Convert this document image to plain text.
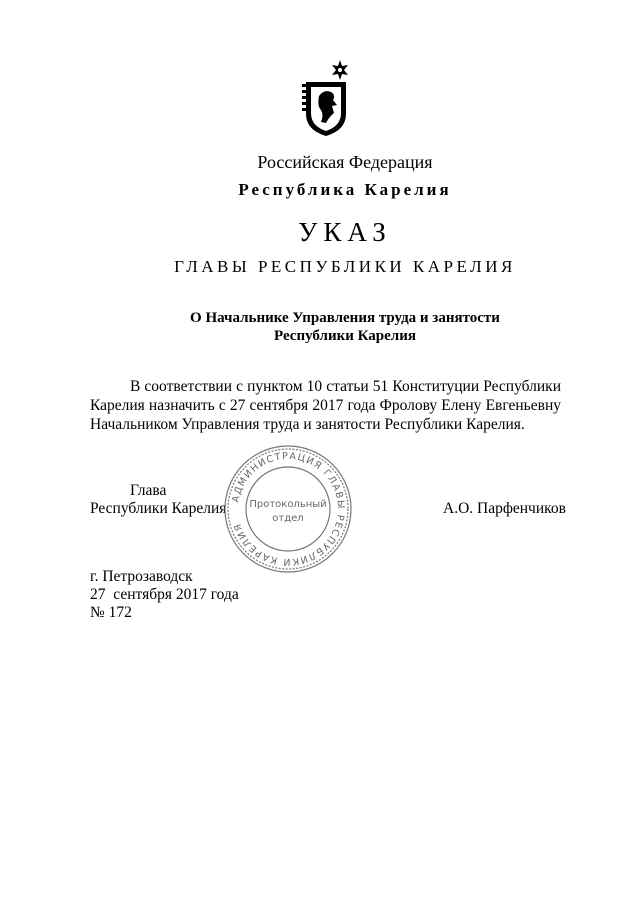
Российская Федерация
Республика Карелия
УКАЗ
ГЛАВЫ РЕСПУБЛИКИ КАРЕЛИЯ
О Начальнике Управления труда и занятости
Республики Карелия
В соответствии с пунктом 10 статьи 51 Конституции Республики Карелия назначить с 27 сентября 2017 года Фролову Елену Евгеньевну Начальником Управления труда и занятости Республики Карелия.
Глава
Республики Карелия	А.О. Парфенчиков
АДМИНИСТРАЦИЯ ГЛАВЫ РЕСПУБЛИКИ КАРЕЛИЯ
Протокольный
отдел
г. Петрозаводск
27  сентября 2017 года
№ 172
